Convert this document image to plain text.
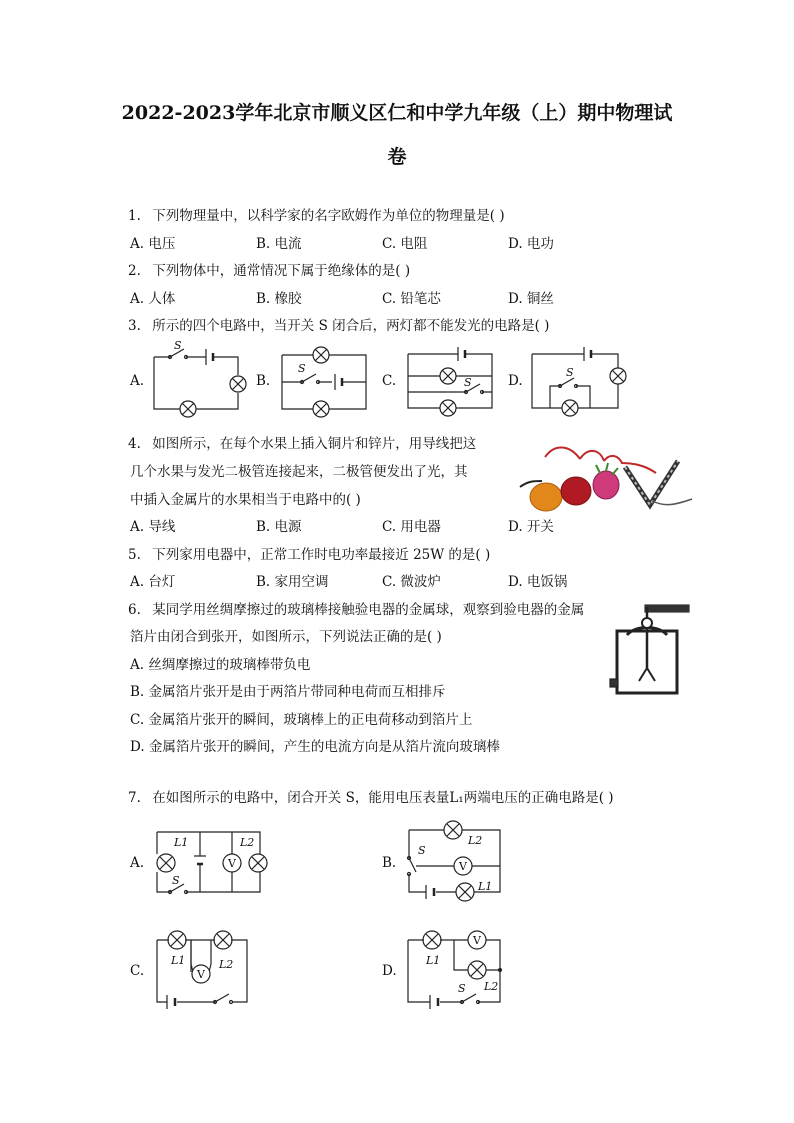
2022-2023学年北京市顺义区仁和中学九年级（上）期中物理试
卷
1. 下列物理量中，以科学家的名字欧姆作为单位的物理量是( )
A. 电压	B. 电流	C. 电阻	D. 电功
2. 下列物体中，通常情况下属于绝缘体的是( )
A. 人体	B. 橡胶	C. 铅笔芯	D. 铜丝
3. 所示的四个电路中，当开关 S 闭合后，两灯都不能发光的电路是( )
A.	B.	C.	D.
S
S
S
S
4. 如图所示，在每个水果上插入铜片和锌片，用导线把这
几个水果与发光二极管连接起来，二极管便发出了光，其
中插入金属片的水果相当于电路中的( )
A. 导线	B. 电源	C. 用电器	D. 开关
5. 下列家用电器中，正常工作时电功率最接近 25W 的是( )
A. 台灯	B. 家用空调	C. 微波炉	D. 电饭锅
6. 某同学用丝绸摩擦过的玻璃棒接触验电器的金属球，观察到验电器的金属
箔片由闭合到张开，如图所示，下列说法正确的是( )
A. 丝绸摩擦过的玻璃棒带负电
B. 金属箔片张开是由于两箔片带同种电荷而互相排斥
C. 金属箔片张开的瞬间，玻璃棒上的正电荷移动到箔片上
D. 金属箔片张开的瞬间，产生的电流方向是从箔片流向玻璃棒
7. 在如图所示的电路中，闭合开关 S，能用电压表量L₁两端电压的正确电路是( )
A.	B.
C.	D.
L1	L2
V
S
L2
V
L1
S
L1	L2
V
V
L1
L2
S
